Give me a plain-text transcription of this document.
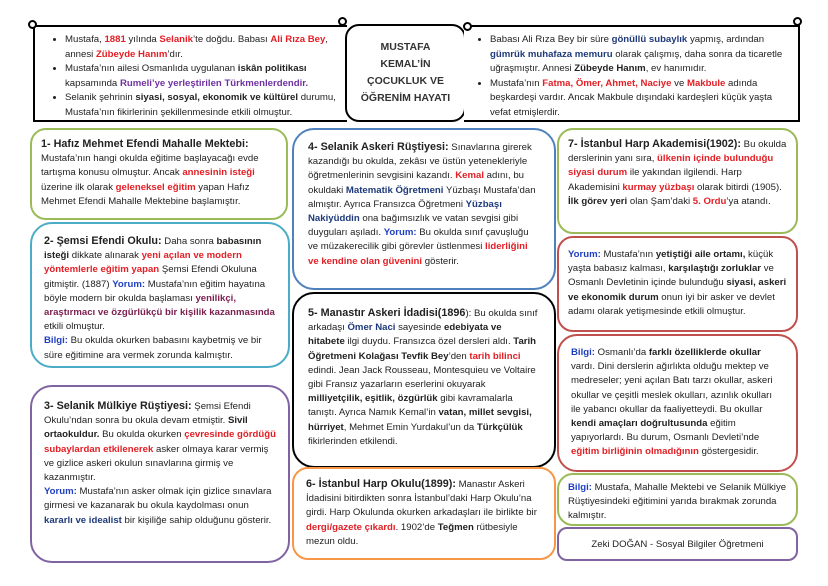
• Mustafa, 1881 yılında Selanik’te doğdu. Babası Ali Rıza Bey, annesi Zübeyde Hanım’dır.
• Mustafa’nın ailesi Osmanlıda uygulanan iskân politikası kapsamında Rumeli’ye yerleştirilen Türkmenlerdendir.
• Selanik şehrinin siyasi, sosyal, ekonomik ve kültürel durumu, Mustafa’nın fikirlerinin şekillenmesinde etkili olmuştur.
MUSTAFA KEMAL’İN ÇOCUKLUK VE ÖĞRENİM HAYATI
• Babası Ali Rıza Bey bir süre gönüllü subaylık yapmış, ardından gümrük muhafaza memuru olarak çalışmış, daha sonra da ticaretle uğraşmıştır. Annesi Zübeyde Hanım, ev hanımıdır.
• Mustafa’nın Fatma, Ömer, Ahmet, Naciye ve Makbule adında beşkardeşi vardır. Ancak Makbule dışındaki kardeşleri küçük yaşta vefat etmişlerdir.
1- Hafız Mehmet Efendi Mahalle Mektebi: Mustafa’nın hangi okulda eğitime başlayacağı evde tartışma konusu olmuştur. Ancak annesinin isteği üzerine ilk olarak geleneksel eğitim yapan Hafız Mehmet Efendi Mahalle Mektebine başlamıştır.
2- Şemsi Efendi Okulu: Daha sonra babasının isteği dikkate alınarak yeni açılan ve modern yöntemlerle eğitim yapan Şemsi Efendi Okuluna gitmiştir. (1887) Yorum: Mustafa’nın eğitim hayatına böyle modern bir okulda başlaması yenilikçi, araştırmacı ve özgürlükçü bir kişilik kazanmasında etkili olmuştur.
Bilgi: Bu okulda okurken babasını kaybetmiş ve bir süre eğitimine ara vermek zorunda kalmıştır.
3- Selanik Mülkiye Rüştiyesi: Şemsi Efendi Okulu’ndan sonra bu okula devam etmiştir. Sivil ortaokuldur. Bu okulda okurken çevresinde gördüğü subaylardan etkilenerek asker olmaya karar vermiş ve gizlice askeri okulun sınavlarına girmiş ve kazanmıştır.
Yorum: Mustafa’nın asker olmak için gizlice sınavlara girmesi ve kazanarak bu okula kaydolması onun kararlı ve idealist bir kişiliğe sahip olduğunu gösterir.
4- Selanik Askeri Rüştiyesi: Sınavlarına girerek kazandığı bu okulda, zekâsı ve üstün yetenekleriyle öğretmenlerinin sevgisini kazandı. Kemal adını, bu okuldaki Matematik Öğretmeni Yüzbaşı Mustafa’dan almıştır. Ayrıca Fransızca Öğretmeni Yüzbaşı Nakiyüddin ona bağımsızlık ve vatan sevgisi gibi duyguları aşıladı. Yorum: Bu okulda sınıf çavuşluğu ve müzakerecilik gibi görevler üstlenmesi liderliğini ve kendine olan güvenini gösterir.
5- Manastır Askeri İdadisi(1896): Bu okulda sınıf arkadaşı Ömer Naci sayesinde edebiyata ve hitabete ilgi duydu. Fransızca özel dersleri aldı. Tarih Öğretmeni Kolağası Tevfik Bey’den tarih bilinci edindi. Jean Jack Rousseau, Montesquieu ve Voltaire gibi Fransız yazarların eserlerini okuyarak milliyetçilik, eşitlik, özgürlük gibi kavramalarla tanıştı. Ayrıca Namık Kemal’in vatan, millet sevgisi, hürriyet, Mehmet Emin Yurdakul’un da Türkçülük fikirlerinden etkilendi.
6- İstanbul Harp Okulu(1899): Manastır Askeri İdadisini bitirdikten sonra İstanbul’daki Harp Okulu’na girdi. Harp Okulunda okurken arkadaşları ile birlikte bir dergi/gazete çıkardı. 1902’de Teğmen rütbesiyle mezun oldu.
7- İstanbul Harp Akademisi(1902): Bu okulda derslerinin yanı sıra, ülkenin içinde bulunduğu siyasi durum ile yakından ilgilendi. Harp Akademisini kurmay yüzbaşı olarak bitirdi (1905). İlk görev yeri olan Şam’daki 5. Ordu’ya atandı.
Yorum: Mustafa’nın yetiştiği aile ortamı, küçük yaşta babasız kalması, karşılaştığı zorluklar ve Osmanlı Devletinin içinde bulunduğu siyasi, askeri ve ekonomik durum onun iyi bir asker ve devlet adamı olarak yetişmesinde etkili olmuştur.
Bilgi: Osmanlı’da farklı özelliklerde okullar vardı. Dini derslerin ağırlıkta olduğu mektep ve medreseler; yeni açılan Batı tarzı okullar, askeri okullar ve çeşitli meslek okulları, azınlık okulları ile yabancı okullar da faaliyetteydi. Bu okullar kendi amaçları doğrultusunda eğitim yapıyorlardı. Bu durum, Osmanlı Devleti’nde eğitim birliğinin olmadığının göstergesidir.
Bilgi: Mustafa, Mahalle Mektebi ve Selanik Mülkiye Rüştiyesindeki eğitimini yarıda bırakmak zorunda kalmıştır.
Zeki DOĞAN - Sosyal Bilgiler Öğretmeni
